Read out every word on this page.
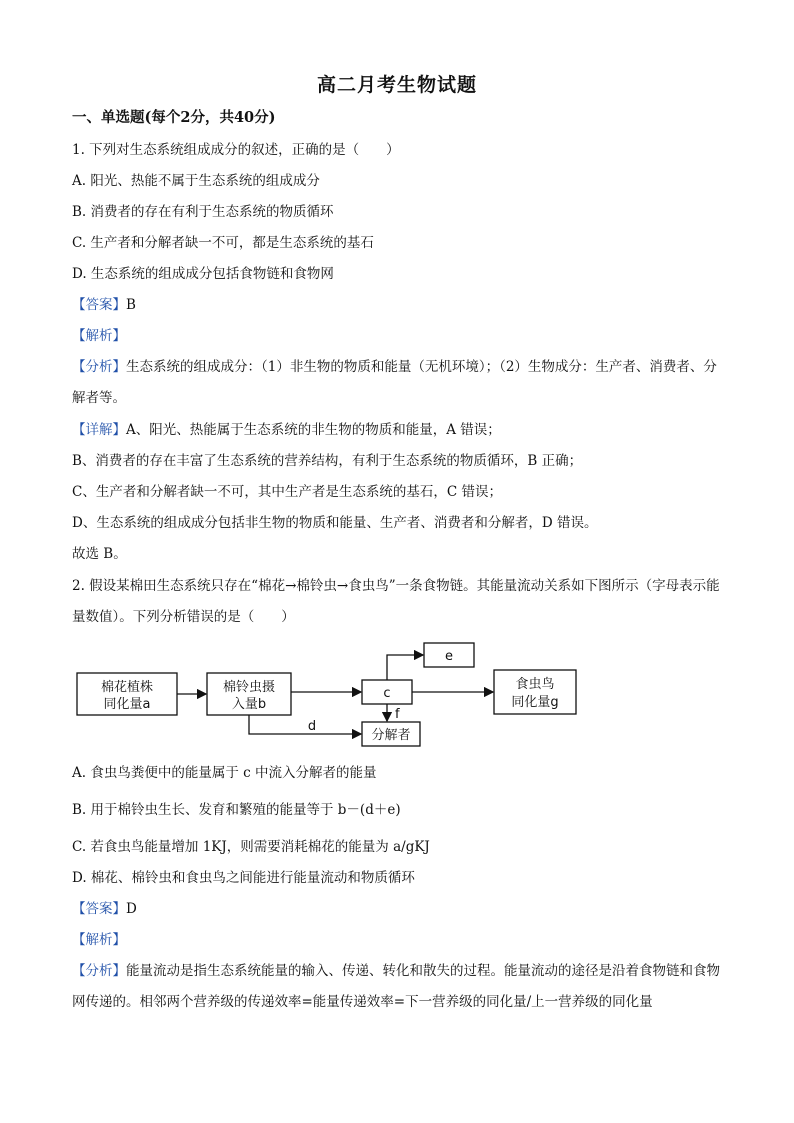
高二月考生物试题
一、单选题(每个2分，共40分)
1. 下列对生态系统组成成分的叙述，正确的是（　　）
A. 阳光、热能不属于生态系统的组成成分
B. 消费者的存在有利于生态系统的物质循环
C. 生产者和分解者缺一不可，都是生态系统的基石
D. 生态系统的组成成分包括食物链和食物网
【答案】B
【解析】
【分析】生态系统的组成成分：（1）非生物的物质和能量（无机环境）；（2）生物成分：生产者、消费者、分解者等。
【详解】A、阳光、热能属于生态系统的非生物的物质和能量，A 错误；
B、消费者的存在丰富了生态系统的营养结构，有利于生态系统的物质循环，B 正确；
C、生产者和分解者缺一不可，其中生产者是生态系统的基石，C 错误；
D、生态系统的组成成分包括非生物的物质和能量、生产者、消费者和分解者，D 错误。
故选 B。
2. 假设某棉田生态系统只存在“棉花→棉铃虫→食虫鸟”一条食物链。其能量流动关系如下图所示（字母表示能量数值）。下列分析错误的是（　　）
棉花植株
同化量a
棉铃虫摄
入量b
c
e
食虫鸟
同化量g
分解者
d
f
A. 食虫鸟粪便中的能量属于 c 中流入分解者的能量
B. 用于棉铃虫生长、发育和繁殖的能量等于 b－(d＋e)
C. 若食虫鸟能量增加 1KJ，则需要消耗棉花的能量为 a/gKJ
D. 棉花、棉铃虫和食虫鸟之间能进行能量流动和物质循环
【答案】D
【解析】
【分析】能量流动是指生态系统能量的输入、传递、转化和散失的过程。能量流动的途径是沿着食物链和食物网传递的。相邻两个营养级的传递效率=能量传递效率=下一营养级的同化量/上一营养级的同化量
